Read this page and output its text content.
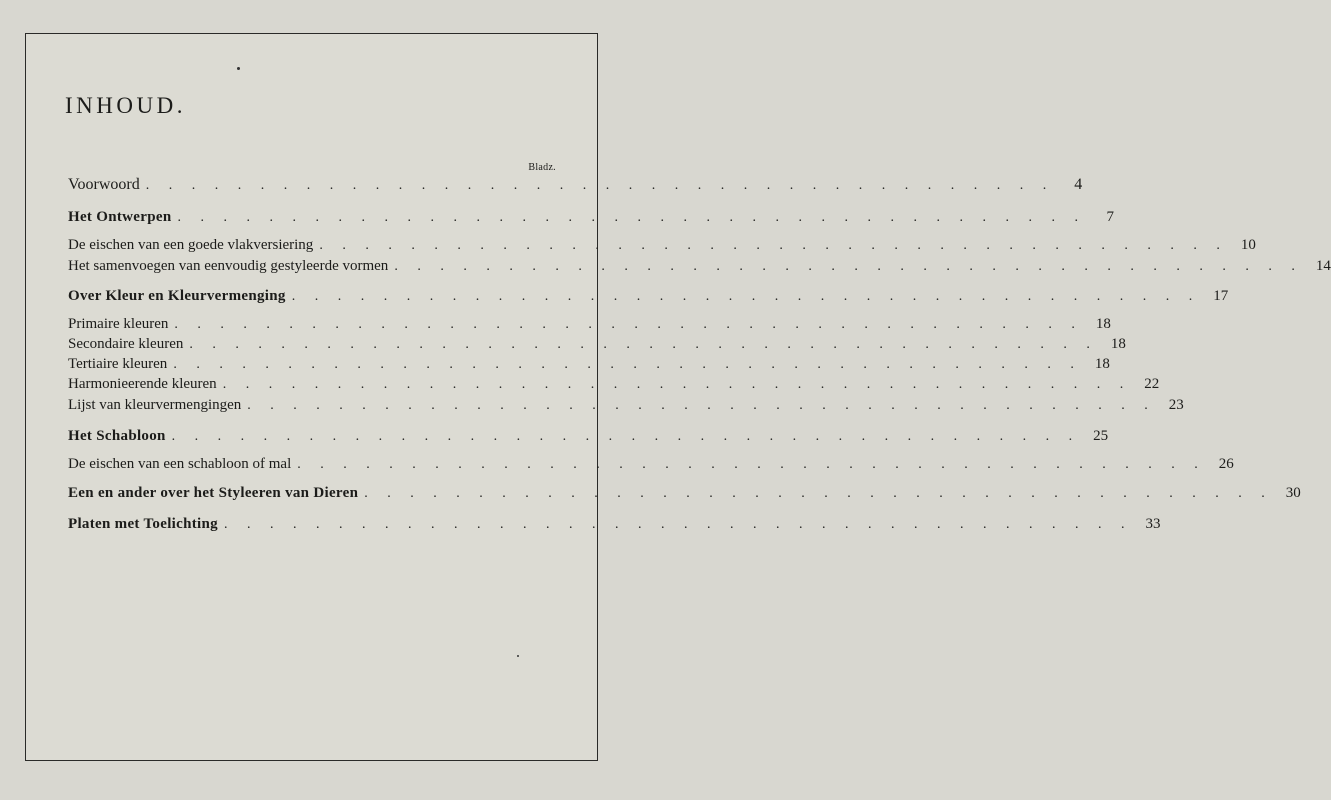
INHOUD.
Bladz.
Voorwoord . . . . . . . . . . . . . . . . . . . . . . . . . . . . . . . . . . . . . . . .	4
Het Ontwerpen . . . . . . . . . . . . . . . . . . . . . . . . . . . . . . . . . . . . . . . .	7
De eischen van een goede vlakversiering . . . . . . . . . . . . . . . . . . . . . . . . . . . . . . . . . . . . . . . . 10
Het samenvoegen van eenvoudig gestyleerde vormen . . . . . . . . . . . . . . . . . . . . . . . . . . . . . . . . . . . . . . . . 14
Over Kleur en Kleurvermenging . . . . . . . . . . . . . . . . . . . . . . . . . . . . . . . . . . . . . . . . 17
Primaire kleuren . . . . . . . . . . . . . . . . . . . . . . . . . . . . . . . . . . . . . . . . 18
Secondaire kleuren . . . . . . . . . . . . . . . . . . . . . . . . . . . . . . . . . . . . . . . . 18
Tertiaire kleuren . . . . . . . . . . . . . . . . . . . . . . . . . . . . . . . . . . . . . . . . 18
Harmonieerende kleuren . . . . . . . . . . . . . . . . . . . . . . . . . . . . . . . . . . . . . . . . 22
Lijst van kleurvermengingen . . . . . . . . . . . . . . . . . . . . . . . . . . . . . . . . . . . . . . . . 23
Het Schabloon . . . . . . . . . . . . . . . . . . . . . . . . . . . . . . . . . . . . . . . . 25
De eischen van een schabloon of mal . . . . . . . . . . . . . . . . . . . . . . . . . . . . . . . . . . . . . . . . 26
Een en ander over het Styleeren van Dieren . . . . . . . . . . . . . . . . . . . . . . . . . . . . . . . . . . . . . . . . 30
Platen met Toelichting . . . . . . . . . . . . . . . . . . . . . . . . . . . . . . . . . . . . . . . . 33
